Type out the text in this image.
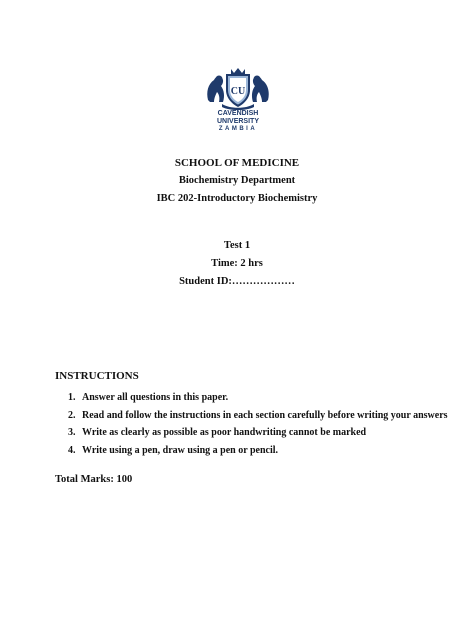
CU
CAVENDISH
UNIVERSITY
ZAMBIA
SCHOOL OF MEDICINE
Biochemistry Department
IBC 202-Introductory Biochemistry
Test 1
Time: 2 hrs
Student ID:………………
INSTRUCTIONS
1. Answer all questions in this paper.
2. Read and follow the instructions in each section carefully before writing your answers
3. Write as clearly as possible as poor handwriting cannot be marked
4. Write using a pen, draw using a pen or pencil.
Total Marks: 100
